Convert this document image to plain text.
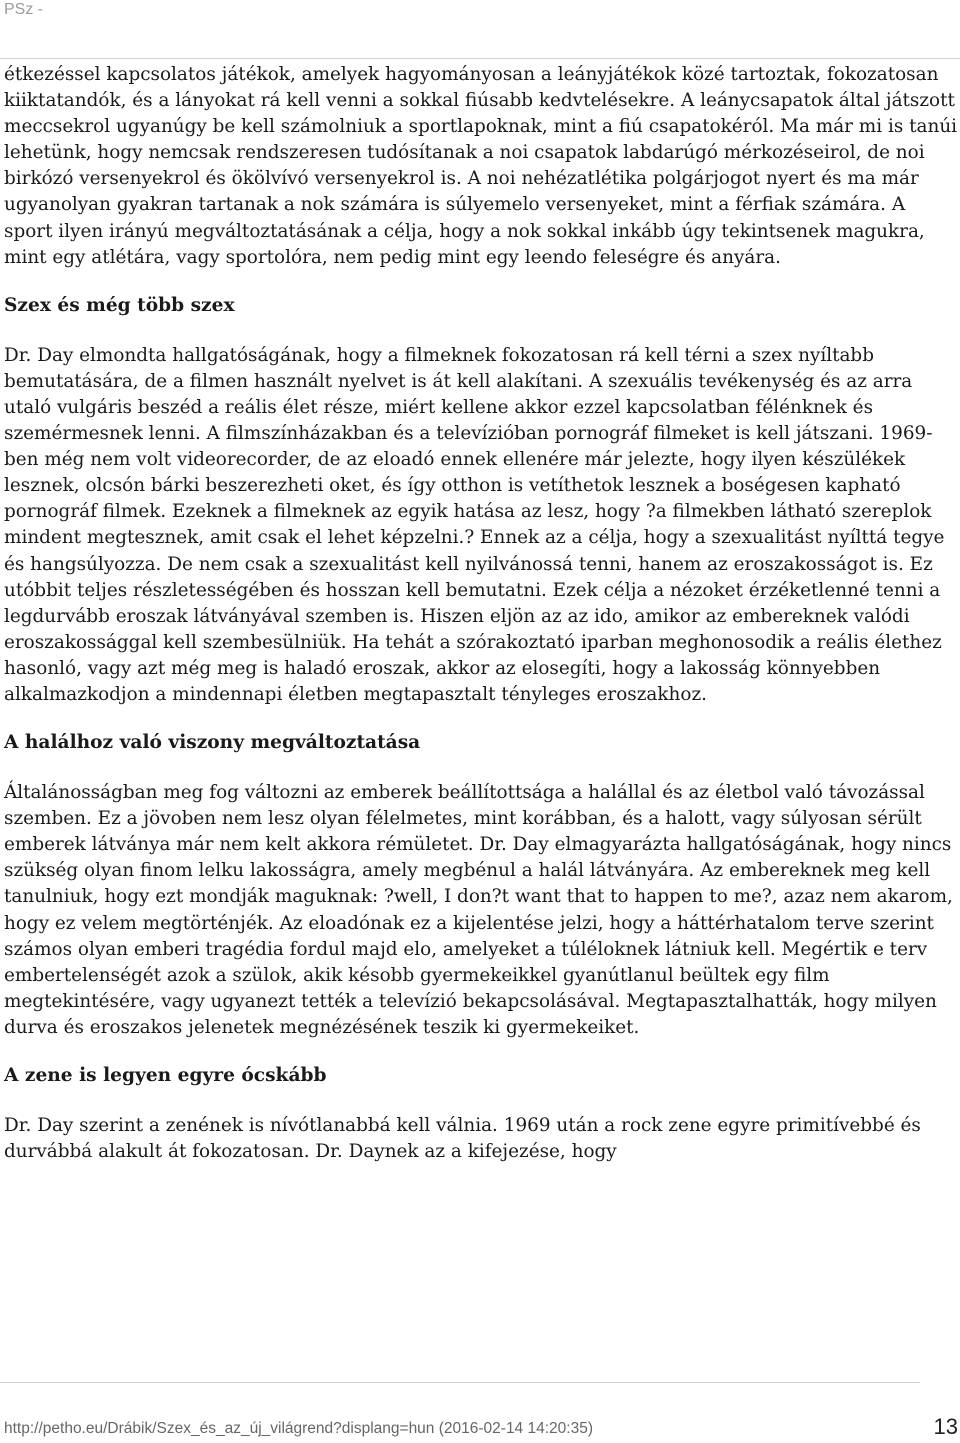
PSz -

étkezéssel kapcsolatos játékok, amelyek hagyományosan a leányjátékok közé tartoztak, fokozatosan kiiktatandók, és a lányokat rá kell venni a sokkal fiúsabb kedvtelésekre. A leánycsapatok által játszott meccsekrol ugyanúgy be kell számolniuk a sportlapoknak, mint a fiú csapatokéról. Ma már mi is tanúi lehetünk, hogy nemcsak rendszeresen tudósítanak a noi csapatok labdarúgó mérkozéseirol, de noi birkózó versenyekrol és ökölvívó versenyekrol is. A noi nehézatlétika polgárjogot nyert és ma már ugyanolyan gyakran tartanak a nok számára is súlyemelo versenyeket, mint a férfiak számára. A sport ilyen irányú megváltoztatásának a célja, hogy a nok sokkal inkább úgy tekintsenek magukra, mint egy atlétára, vagy sportolóra, nem pedig mint egy leendo feleségre és anyára.

Szex és még több szex

Dr. Day elmondta hallgatóságának, hogy a filmeknek fokozatosan rá kell térni a szex nyíltabb bemutatására, de a filmen használt nyelvet is át kell alakítani. A szexuális tevékenység és az arra utaló vulgáris beszéd a reális élet része, miért kellene akkor ezzel kapcsolatban félénknek és szemérmesnek lenni. A filmszínházakban és a televízióban pornográf filmeket is kell játszani. 1969-ben még nem volt videorecorder, de az eloadó ennek ellenére már jelezte, hogy ilyen készülékek lesznek, olcsón bárki beszerezheti oket, és így otthon is vetíthetok lesznek a boségesen kapható pornográf filmek. Ezeknek a filmeknek az egyik hatása az lesz, hogy ?a filmekben látható szereplok mindent megtesznek, amit csak el lehet képzelni.? Ennek az a célja, hogy a szexualitást nyílttá tegye és hangsúlyozza. De nem csak a szexualitást kell nyilvánossá tenni, hanem az eroszakosságot is. Ez utóbbit teljes részletességében és hosszan kell bemutatni. Ezek célja a nézoket érzéketlenné tenni a legdurvább eroszak látványával szemben is. Hiszen eljön az az ido, amikor az embereknek valódi eroszakossággal kell szembesülniük. Ha tehát a szórakoztató iparban meghonosodik a reális élethez hasonló, vagy azt még meg is haladó eroszak, akkor az elosegíti, hogy a lakosság könnyebben alkalmazkodjon a mindennapi életben megtapasztalt tényleges eroszakhoz.

A halálhoz való viszony megváltoztatása

Általánosságban meg fog változni az emberek beállítottsága a halállal és az életbol való távozással szemben. Ez a jövoben nem lesz olyan félelmetes, mint korábban, és a halott, vagy súlyosan sérült emberek látványa már nem kelt akkora rémületet. Dr. Day elmagyarázta hallgatóságának, hogy nincs szükség olyan finom lelku lakosságra, amely megbénul a halál látványára. Az embereknek meg kell tanulniuk, hogy ezt mondják maguknak: ?well, I don?t want that to happen to me?, azaz nem akarom, hogy ez velem megtörténjék. Az eloadónak ez a kijelentése jelzi, hogy a háttérhatalom terve szerint számos olyan emberi tragédia fordul majd elo, amelyeket a túléloknek látniuk kell. Megértik e terv embertelenségét azok a szülok, akik késobb gyermekeikkel gyanútlanul beültek egy film megtekintésére, vagy ugyanezt tették a televízió bekapcsolásával. Megtapasztalhatták, hogy milyen durva és eroszakos jelenetek megnézésének teszik ki gyermekeiket.

A zene is legyen egyre ócskább

Dr. Day szerint a zenének is nívótlanabbá kell válnia. 1969 után a rock zene egyre primitívebbé és durvábbá alakult át fokozatosan. Dr. Daynek az a kifejezése, hogy

http://petho.eu/Drábik/Szex_és_az_új_világrend?displang=hun (2016-02-14 14:20:35)	13
